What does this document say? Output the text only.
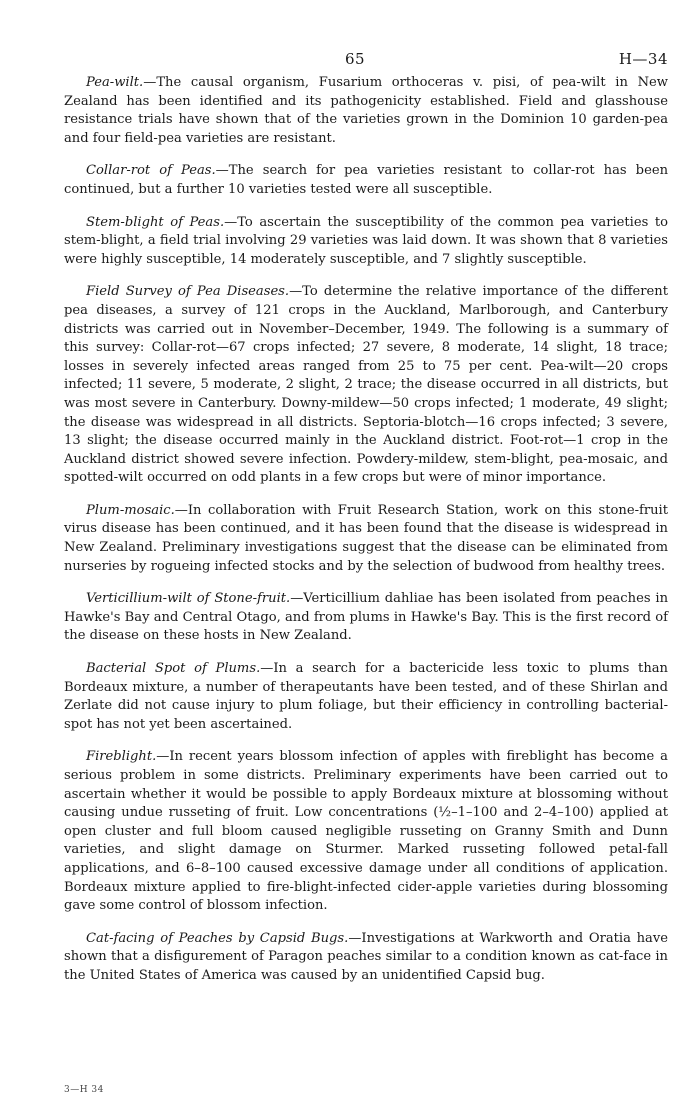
65	H—34

Pea-wilt.—The causal organism, Fusarium orthoceras v. pisi, of pea-wilt in New Zealand has been identified and its pathogenicity established. Field and glasshouse resistance trials have shown that of the varieties grown in the Dominion 10 garden-pea and four field-pea varieties are resistant.

Collar-rot of Peas.—The search for pea varieties resistant to collar-rot has been continued, but a further 10 varieties tested were all susceptible.

Stem-blight of Peas.—To ascertain the susceptibility of the common pea varieties to stem-blight, a field trial involving 29 varieties was laid down. It was shown that 8 varieties were highly susceptible, 14 moderately susceptible, and 7 slightly susceptible.

Field Survey of Pea Diseases.—To determine the relative importance of the different pea diseases, a survey of 121 crops in the Auckland, Marlborough, and Canterbury districts was carried out in November–December, 1949. The following is a summary of this survey: Collar-rot—67 crops infected; 27 severe, 8 moderate, 14 slight, 18 trace; losses in severely infected areas ranged from 25 to 75 per cent. Pea-wilt—20 crops infected; 11 severe, 5 moderate, 2 slight, 2 trace; the disease occurred in all districts, but was most severe in Canterbury. Downy-mildew—50 crops infected; 1 moderate, 49 slight; the disease was widespread in all districts. Septoria-blotch—16 crops infected; 3 severe, 13 slight; the disease occurred mainly in the Auckland district. Foot-rot—1 crop in the Auckland district showed severe infection. Powdery-mildew, stem-blight, pea-mosaic, and spotted-wilt occurred on odd plants in a few crops but were of minor importance.

Plum-mosaic.—In collaboration with Fruit Research Station, work on this stone-fruit virus disease has been continued, and it has been found that the disease is widespread in New Zealand. Preliminary investigations suggest that the disease can be eliminated from nurseries by rogueing infected stocks and by the selection of budwood from healthy trees.

Verticillium-wilt of Stone-fruit.—Verticillium dahliae has been isolated from peaches in Hawke's Bay and Central Otago, and from plums in Hawke's Bay. This is the first record of the disease on these hosts in New Zealand.

Bacterial Spot of Plums.—In a search for a bactericide less toxic to plums than Bordeaux mixture, a number of therapeutants have been tested, and of these Shirlan and Zerlate did not cause injury to plum foliage, but their efficiency in controlling bacterial-spot has not yet been ascertained.

Fireblight.—In recent years blossom infection of apples with fireblight has become a serious problem in some districts. Preliminary experiments have been carried out to ascertain whether it would be possible to apply Bordeaux mixture at blossoming without causing undue russeting of fruit. Low concentrations (½–1–100 and 2–4–100) applied at open cluster and full bloom caused negligible russeting on Granny Smith and Dunn varieties, and slight damage on Sturmer. Marked russeting followed petal-fall applications, and 6–8–100 caused excessive damage under all conditions of application. Bordeaux mixture applied to fire-blight-infected cider-apple varieties during blossoming gave some control of blossom infection.

Cat-facing of Peaches by Capsid Bugs.—Investigations at Warkworth and Oratia have shown that a disfigurement of Paragon peaches similar to a condition known as cat-face in the United States of America was caused by an unidentified Capsid bug.

3—H 34
